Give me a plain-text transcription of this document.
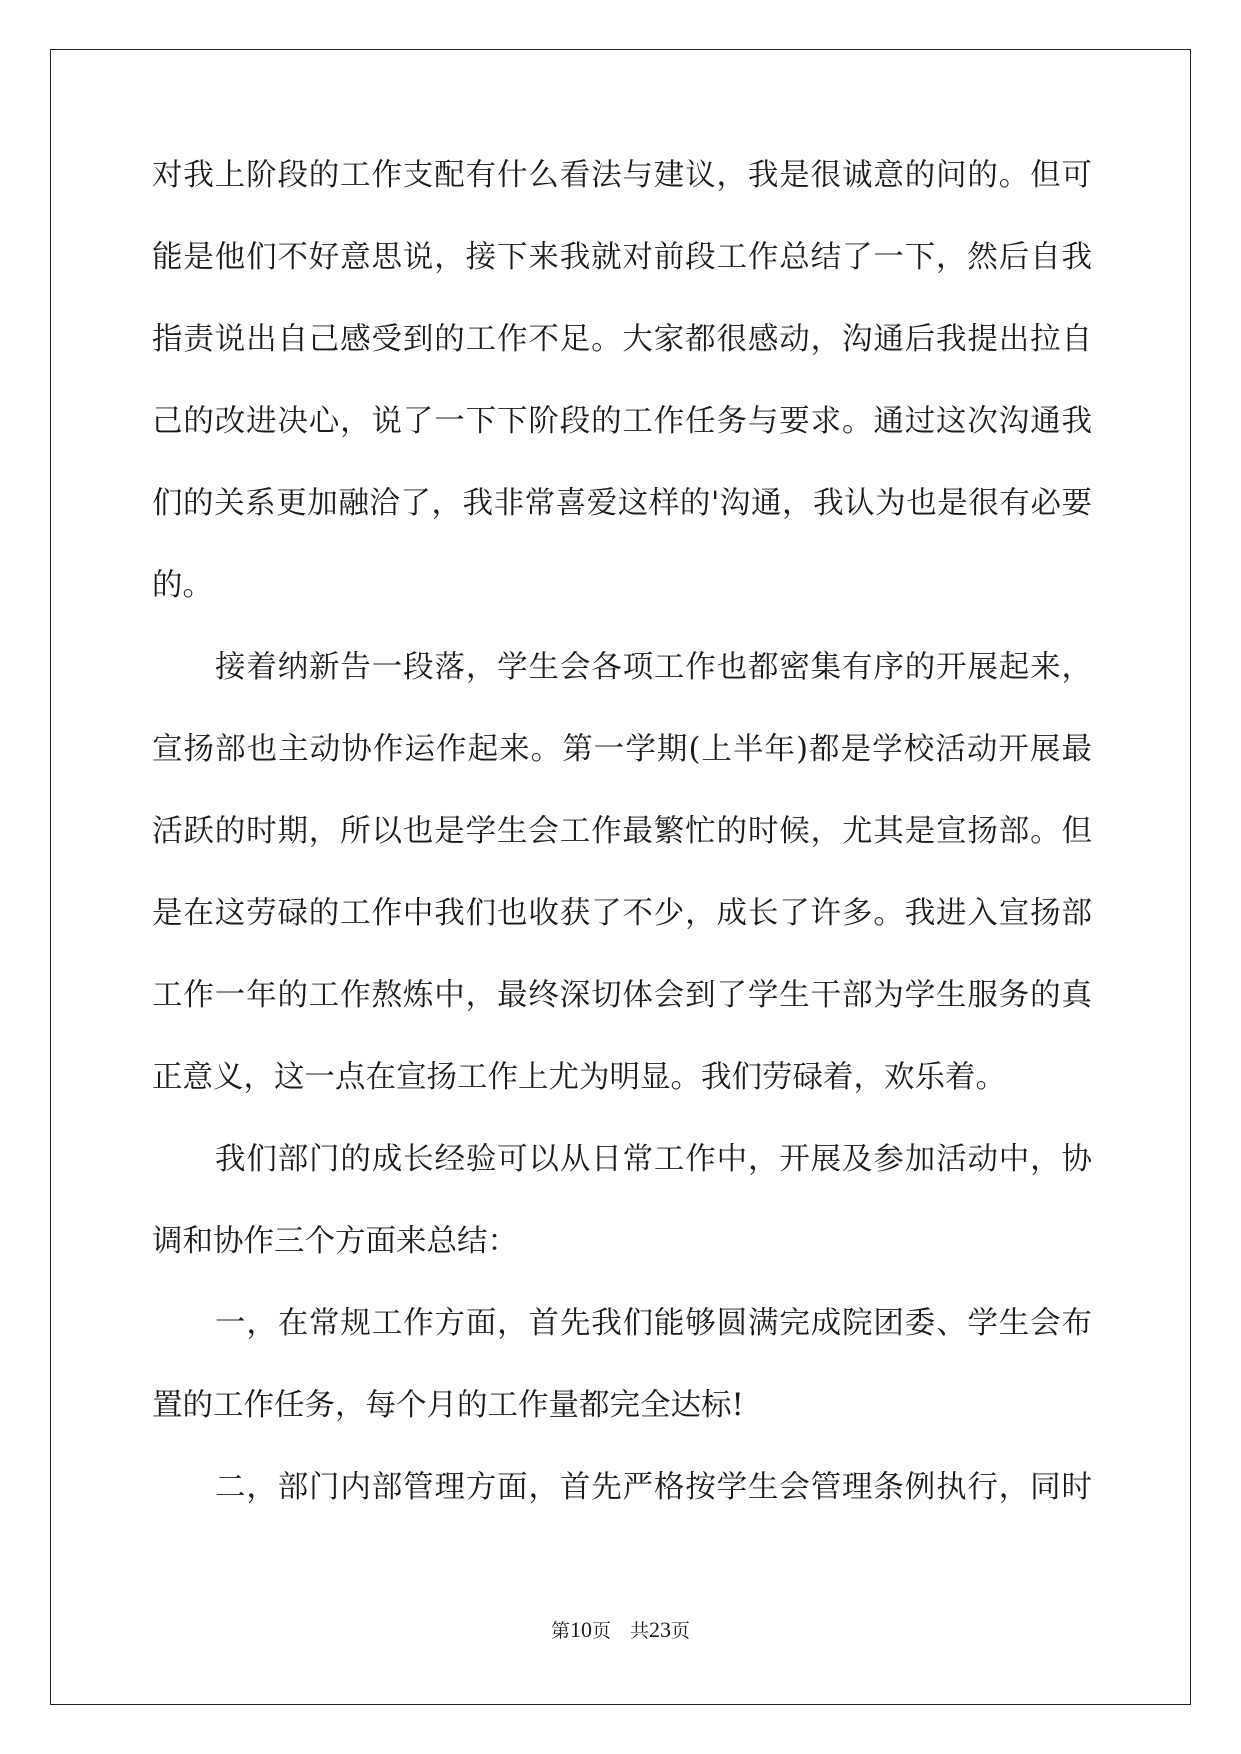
对我上阶段的工作支配有什么看法与建议，我是很诚意的问的。但可
能是他们不好意思说，接下来我就对前段工作总结了一下，然后自我
指责说出自己感受到的工作不足。大家都很感动，沟通后我提出拉自
己的改进决心，说了一下下阶段的工作任务与要求。通过这次沟通我
们的关系更加融洽了，我非常喜爱这样的'沟通，我认为也是很有必要
的。
接着纳新告一段落，学生会各项工作也都密集有序的开展起来，
宣扬部也主动协作运作起来。第一学期(上半年)都是学校活动开展最
活跃的时期，所以也是学生会工作最繁忙的时候，尤其是宣扬部。但
是在这劳碌的工作中我们也收获了不少，成长了许多。我进入宣扬部
工作一年的工作熬炼中，最终深切体会到了学生干部为学生服务的真
正意义，这一点在宣扬工作上尤为明显。我们劳碌着，欢乐着。
我们部门的成长经验可以从日常工作中，开展及参加活动中，协
调和协作三个方面来总结：
一，在常规工作方面，首先我们能够圆满完成院团委、学生会布
置的工作任务，每个月的工作量都完全达标!
二，部门内部管理方面，首先严格按学生会管理条例执行，同时
第10页　共23页
